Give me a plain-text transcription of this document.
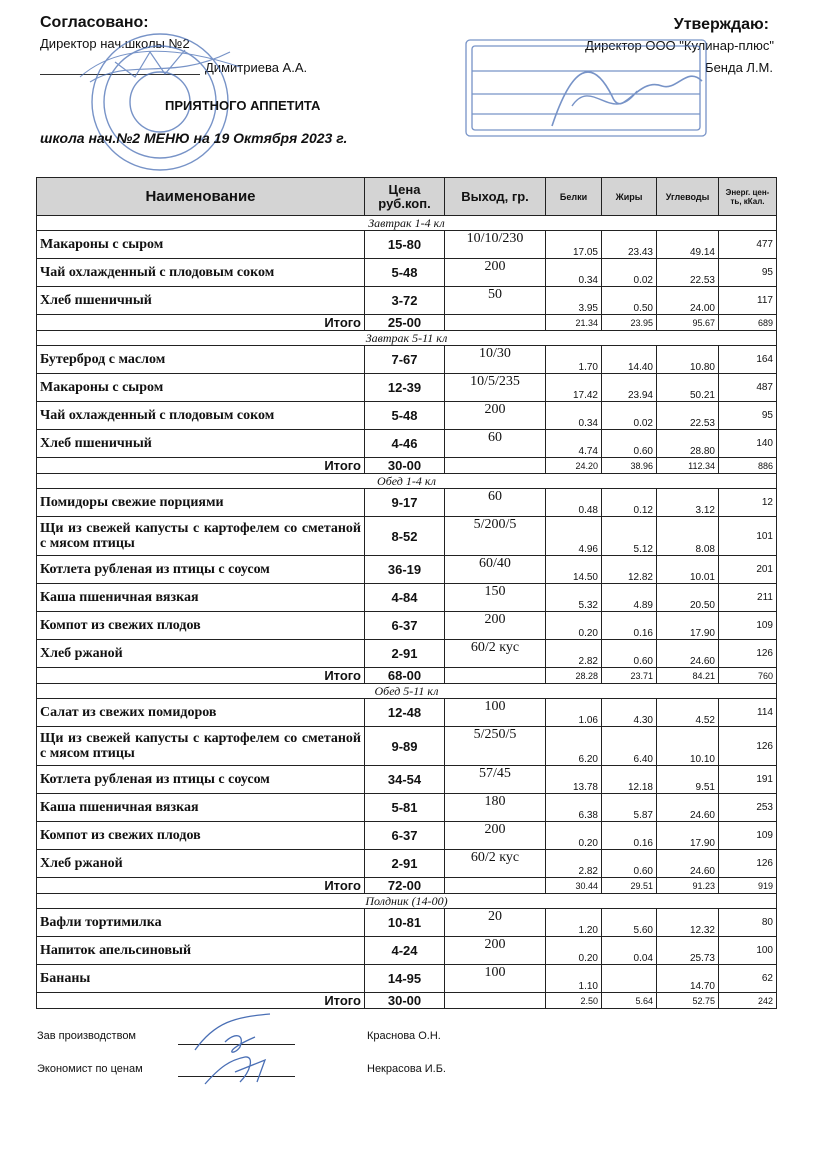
Согласовано:
Директор нач.школы №2
Димитриева А.А.
Утверждаю:
Директор ООО "Кулинар-плюс"
Бенда Л.М.
ПРИЯТНОГО АППЕТИТА
школа нач.№2 МЕНЮ на 19 Октября 2023 г.
Наименование	Цена руб.коп.	Выход, гр.	Белки	Жиры	Углеводы	Энерг. цен-ть, кКал.
Завтрак 1-4 кл						
Макароны с сыром	15-80	10/10/230	17.05	23.43	49.14	477
Чай охлажденный с плодовым соком	5-48	200	0.34	0.02	22.53	95
Хлеб пшеничный	3-72	50	3.95	0.50	24.00	117
Итого	25-00		21.34	23.95	95.67	689
Завтрак 5-11 кл						
Бутерброд с маслом	7-67	10/30	1.70	14.40	10.80	164
Макароны с сыром	12-39	10/5/235	17.42	23.94	50.21	487
Чай охлажденный с плодовым соком	5-48	200	0.34	0.02	22.53	95
Хлеб пшеничный	4-46	60	4.74	0.60	28.80	140
Итого	30-00		24.20	38.96	112.34	886
Обед 1-4 кл						
Помидоры свежие порциями	9-17	60	0.48	0.12	3.12	12
Щи из свежей капусты с картофелем со сметаной с мясом птицы	8-52	5/200/5	4.96	5.12	8.08	101
Котлета рубленая из птицы с соусом	36-19	60/40	14.50	12.82	10.01	201
Каша пшеничная вязкая	4-84	150	5.32	4.89	20.50	211
Компот из свежих плодов	6-37	200	0.20	0.16	17.90	109
Хлеб ржаной	2-91	60/2 кус	2.82	0.60	24.60	126
Итого	68-00		28.28	23.71	84.21	760
Обед 5-11 кл						
Салат из свежих помидоров	12-48	100	1.06	4.30	4.52	114
Щи из свежей капусты с картофелем со сметаной с мясом птицы	9-89	5/250/5	6.20	6.40	10.10	126
Котлета рубленая из птицы с соусом	34-54	57/45	13.78	12.18	9.51	191
Каша пшеничная вязкая	5-81	180	6.38	5.87	24.60	253
Компот из свежих плодов	6-37	200	0.20	0.16	17.90	109
Хлеб ржаной	2-91	60/2 кус	2.82	0.60	24.60	126
Итого	72-00		30.44	29.51	91.23	919
Полдник (14-00)						
Вафли тортимилка	10-81	20	1.20	5.60	12.32	80
Напиток апельсиновый	4-24	200	0.20	0.04	25.73	100
Бананы	14-95	100	1.10		14.70	62
Итого	30-00		2.50	5.64	52.75	242
Зав производством	Краснова О.Н.
Экономист по ценам	Некрасова И.Б.
